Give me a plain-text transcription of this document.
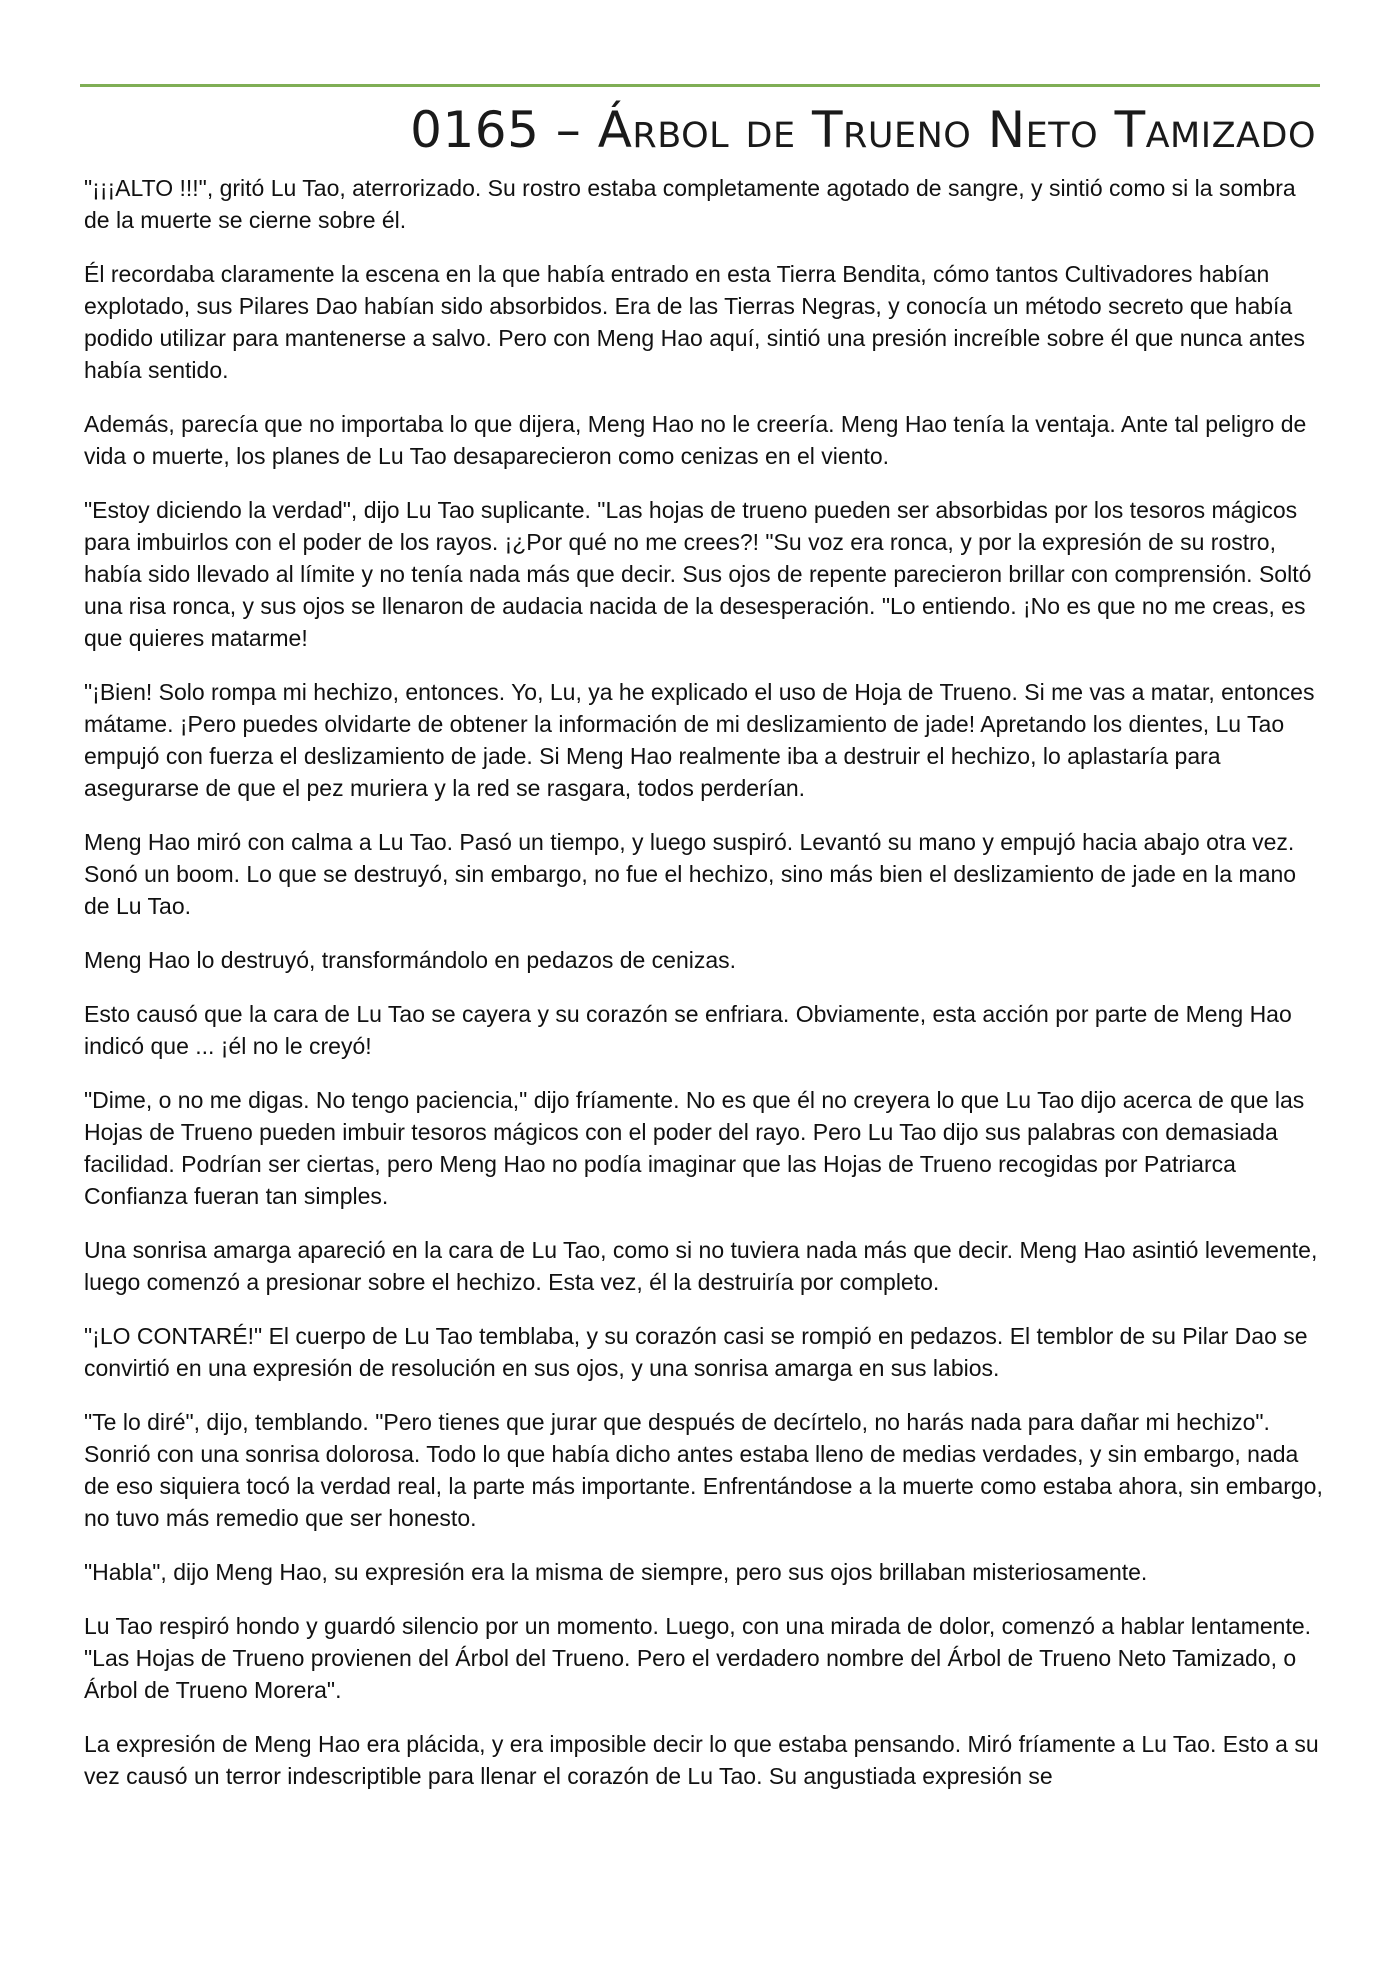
0165 – Árbol de Trueno Neto Tamizado

"¡¡¡ALTO !!!", gritó Lu Tao, aterrorizado. Su rostro estaba completamente agotado de sangre, y sintió como si la sombra de la muerte se cierne sobre él.

Él recordaba claramente la escena en la que había entrado en esta Tierra Bendita, cómo tantos Cultivadores habían explotado, sus Pilares Dao habían sido absorbidos. Era de las Tierras Negras, y conocía un método secreto que había podido utilizar para mantenerse a salvo. Pero con Meng Hao aquí, sintió una presión increíble sobre él que nunca antes había sentido.

Además, parecía que no importaba lo que dijera, Meng Hao no le creería. Meng Hao tenía la ventaja. Ante tal peligro de vida o muerte, los planes de Lu Tao desaparecieron como cenizas en el viento.

"Estoy diciendo la verdad", dijo Lu Tao suplicante. "Las hojas de trueno pueden ser absorbidas por los tesoros mágicos para imbuirlos con el poder de los rayos. ¡¿Por qué no me crees?! "Su voz era ronca, y por la expresión de su rostro, había sido llevado al límite y no tenía nada más que decir. Sus ojos de repente parecieron brillar con comprensión. Soltó una risa ronca, y sus ojos se llenaron de audacia nacida de la desesperación. "Lo entiendo. ¡No es que no me creas, es que quieres matarme!

"¡Bien! Solo rompa mi hechizo, entonces. Yo, Lu, ya he explicado el uso de Hoja de Trueno. Si me vas a matar, entonces mátame. ¡Pero puedes olvidarte de obtener la información de mi deslizamiento de jade! Apretando los dientes, Lu Tao empujó con fuerza el deslizamiento de jade. Si Meng Hao realmente iba a destruir el hechizo, lo aplastaría para asegurarse de que el pez muriera y la red se rasgara, todos perderían.

Meng Hao miró con calma a Lu Tao. Pasó un tiempo, y luego suspiró. Levantó su mano y empujó hacia abajo otra vez. Sonó un boom. Lo que se destruyó, sin embargo, no fue el hechizo, sino más bien el deslizamiento de jade en la mano de Lu Tao.

Meng Hao lo destruyó, transformándolo en pedazos de cenizas.

Esto causó que la cara de Lu Tao se cayera y su corazón se enfriara. Obviamente, esta acción por parte de Meng Hao indicó que ... ¡él no le creyó!

"Dime, o no me digas. No tengo paciencia," dijo fríamente. No es que él no creyera lo que Lu Tao dijo acerca de que las Hojas de Trueno pueden imbuir tesoros mágicos con el poder del rayo. Pero Lu Tao dijo sus palabras con demasiada facilidad. Podrían ser ciertas, pero Meng Hao no podía imaginar que las Hojas de Trueno recogidas por Patriarca Confianza fueran tan simples.

Una sonrisa amarga apareció en la cara de Lu Tao, como si no tuviera nada más que decir. Meng Hao asintió levemente, luego comenzó a presionar sobre el hechizo. Esta vez, él la destruiría por completo.

"¡LO CONTARÉ!" El cuerpo de Lu Tao temblaba, y su corazón casi se rompió en pedazos. El temblor de su Pilar Dao se convirtió en una expresión de resolución en sus ojos, y una sonrisa amarga en sus labios.

"Te lo diré", dijo, temblando. "Pero tienes que jurar que después de decírtelo, no harás nada para dañar mi hechizo". Sonrió con una sonrisa dolorosa. Todo lo que había dicho antes estaba lleno de medias verdades, y sin embargo, nada de eso siquiera tocó la verdad real, la parte más importante. Enfrentándose a la muerte como estaba ahora, sin embargo, no tuvo más remedio que ser honesto.

"Habla", dijo Meng Hao, su expresión era la misma de siempre, pero sus ojos brillaban misteriosamente.

Lu Tao respiró hondo y guardó silencio por un momento. Luego, con una mirada de dolor, comenzó a hablar lentamente. "Las Hojas de Trueno provienen del Árbol del Trueno. Pero el verdadero nombre del Árbol de Trueno Neto Tamizado, o Árbol de Trueno Morera".

La expresión de Meng Hao era plácida, y era imposible decir lo que estaba pensando. Miró fríamente a Lu Tao. Esto a su vez causó un terror indescriptible para llenar el corazón de Lu Tao. Su angustiada expresión se
